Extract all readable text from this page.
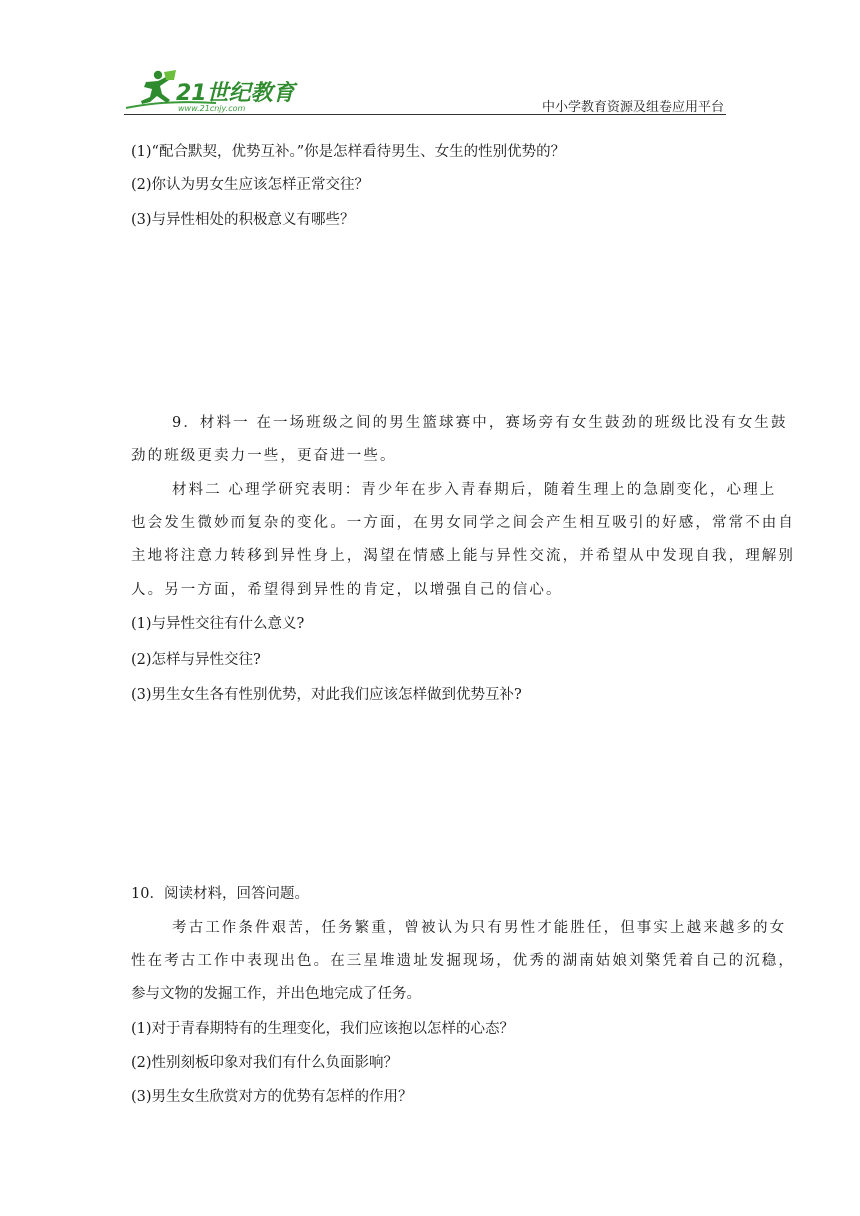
21世纪教育
www.21cnjy.com	中小学教育资源及组卷应用平台
(1)“配合默契，优势互补。”你是怎样看待男生、女生的性别优势的？
(2)你认为男女生应该怎样正常交往？
(3)与异性相处的积极意义有哪些？
9．材料一 在一场班级之间的男生篮球赛中，赛场旁有女生鼓劲的班级比没有女生鼓
劲的班级更卖力一些，更奋进一些。
材料二 心理学研究表明：青少年在步入青春期后，随着生理上的急剧变化，心理上
也会发生微妙而复杂的变化。一方面，在男女同学之间会产生相互吸引的好感，常常不由自
主地将注意力转移到异性身上，渴望在情感上能与异性交流，并希望从中发现自我，理解别
人。另一方面，希望得到异性的肯定，以增强自己的信心。
(1)与异性交往有什么意义?
(2)怎样与异性交往?
(3)男生女生各有性别优势，对此我们应该怎样做到优势互补?
10．阅读材料，回答问题。
考古工作条件艰苦，任务繁重，曾被认为只有男性才能胜任，但事实上越来越多的女
性在考古工作中表现出色。在三星堆遗址发掘现场，优秀的湖南姑娘刘檠凭着自己的沉稳，
参与文物的发掘工作，并出色地完成了任务。
(1)对于青春期特有的生理变化，我们应该抱以怎样的心态？
(2)性别刻板印象对我们有什么负面影响？
(3)男生女生欣赏对方的优势有怎样的作用？
